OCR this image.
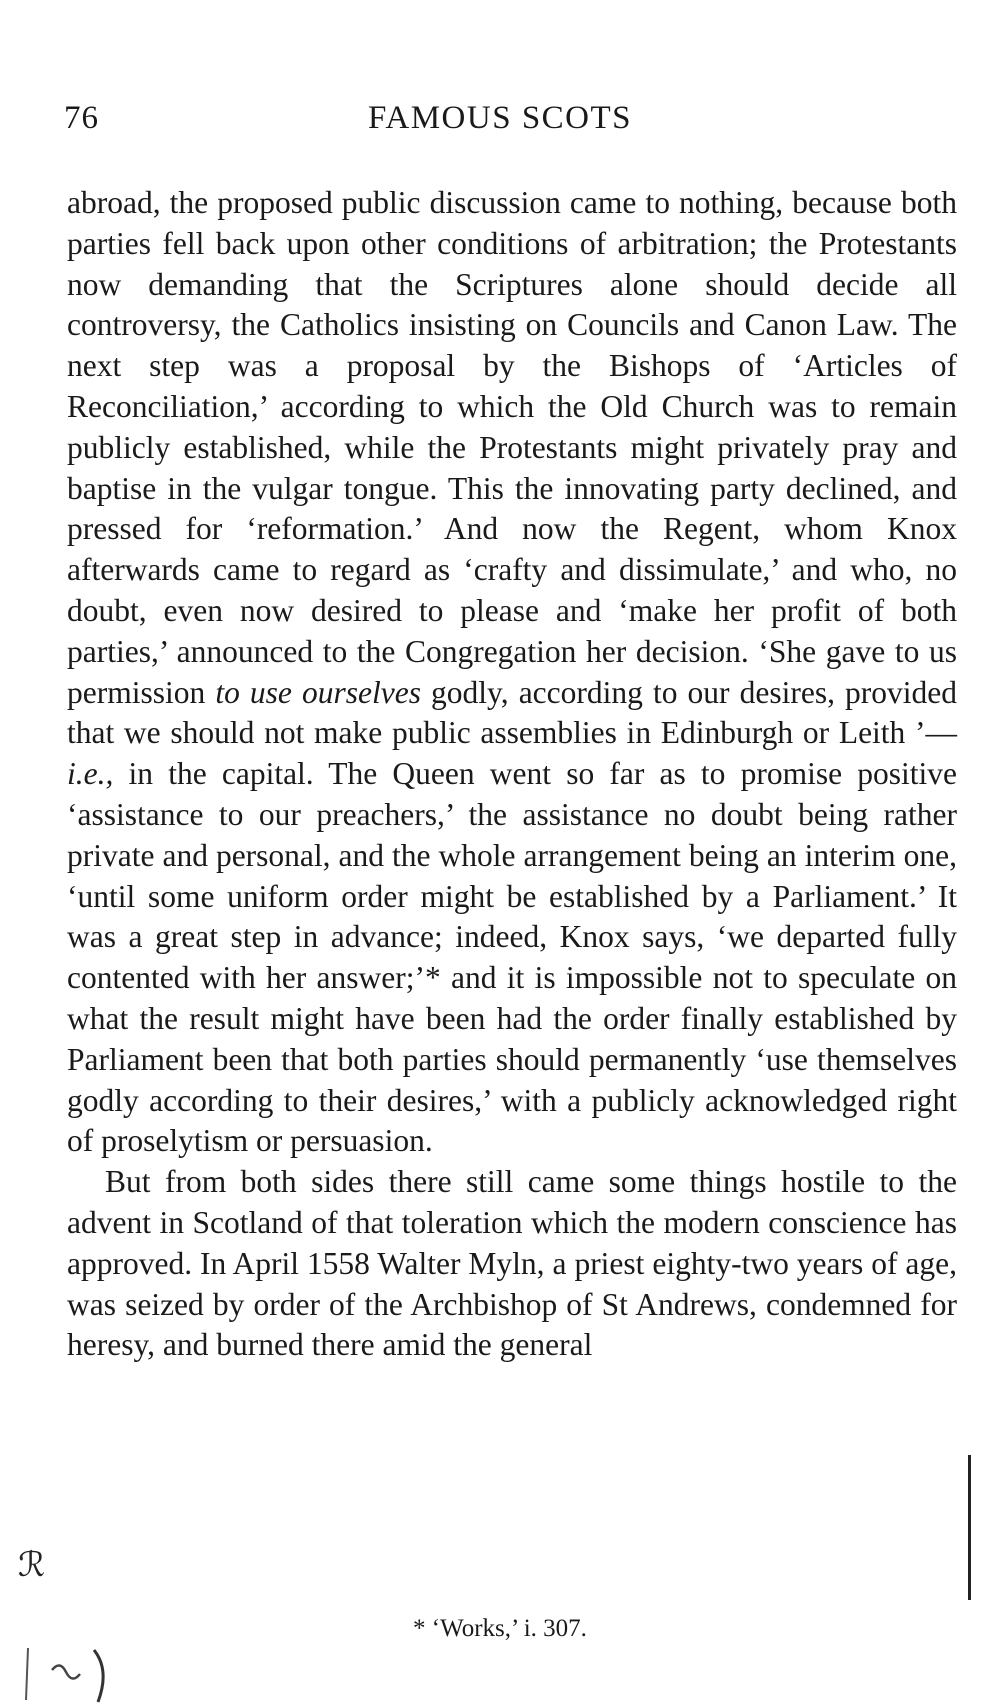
76	FAMOUS SCOTS

abroad, the proposed public discussion came to nothing, because both parties fell back upon other conditions of arbitration; the Protestants now demanding that the Scriptures alone should decide all controversy, the Catholics insisting on Councils and Canon Law. The next step was a proposal by the Bishops of ‘Articles of Reconciliation,’ according to which the Old Church was to remain publicly established, while the Protestants might privately pray and baptise in the vulgar tongue. This the innovating party declined, and pressed for ‘reformation.’ And now the Regent, whom Knox afterwards came to regard as ‘crafty and dissimulate,’ and who, no doubt, even now desired to please and ‘make her profit of both parties,’ announced to the Congregation her decision. ‘She gave to us permission to use ourselves godly, according to our desires, provided that we should not make public assemblies in Edinburgh or Leith ’—i.e., in the capital. The Queen went so far as to promise positive ‘assistance to our preachers,’ the assistance no doubt being rather private and personal, and the whole arrangement being an interim one, ‘until some uniform order might be established by a Parliament.’ It was a great step in advance; indeed, Knox says, ‘we departed fully contented with her answer;’* and it is impossible not to speculate on what the result might have been had the order finally established by Parliament been that both parties should permanently ‘use themselves godly according to their desires,’ with a publicly acknowledged right of proselytism or persuasion.

But from both sides there still came some things hostile to the advent in Scotland of that toleration which the modern conscience has approved. In April 1558 Walter Myln, a priest eighty-two years of age, was seized by order of the Archbishop of St Andrews, condemned for heresy, and burned there amid the general

* ‘Works,’ i. 307.
ℛ
